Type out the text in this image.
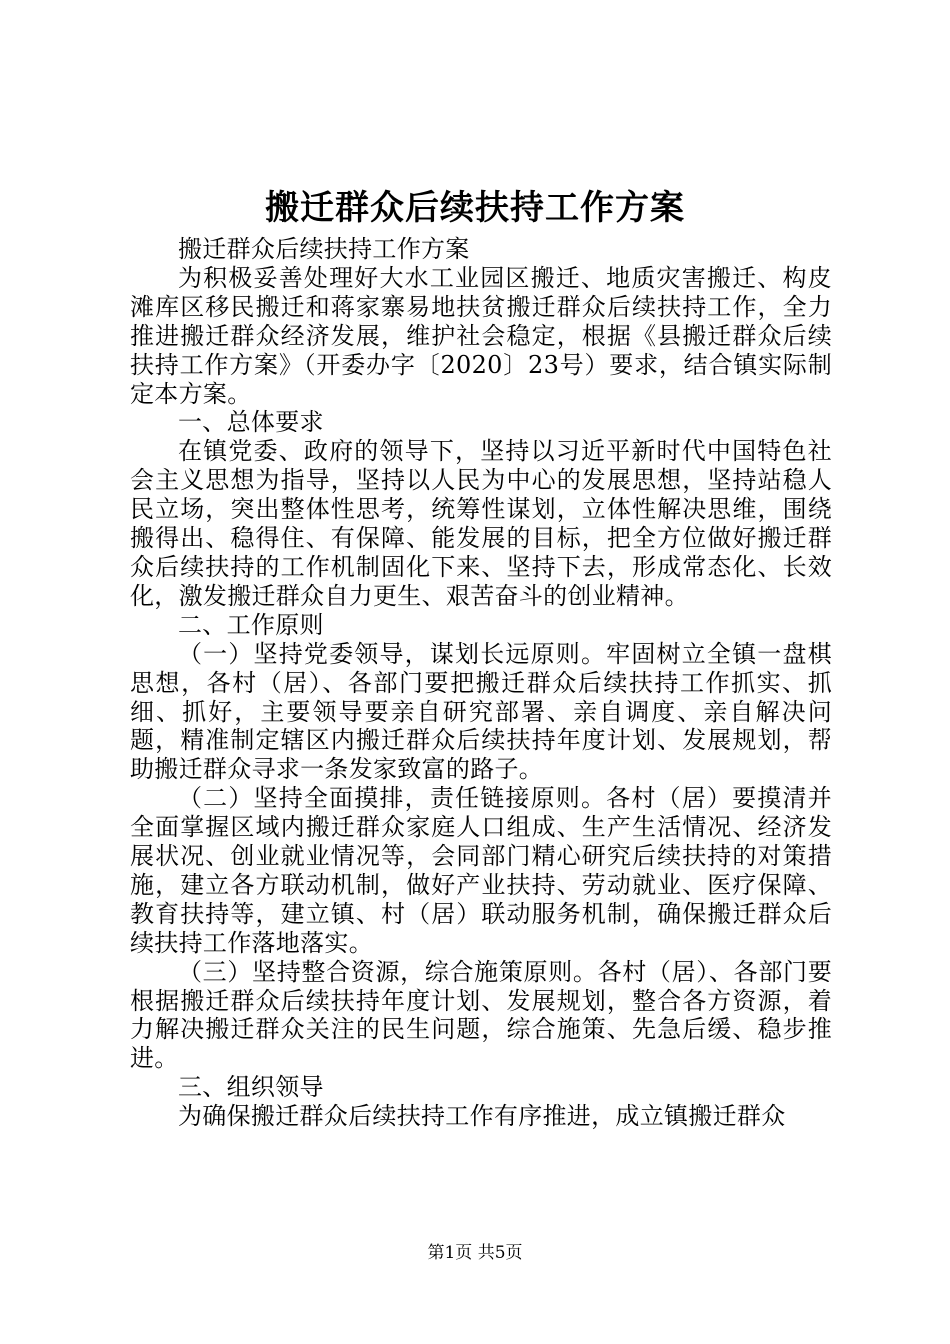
搬迁群众后续扶持工作方案

搬迁群众后续扶持工作方案

为积极妥善处理好大水工业园区搬迁、地质灾害搬迁、构皮滩库区移民搬迁和蒋家寨易地扶贫搬迁群众后续扶持工作，全力推进搬迁群众经济发展，维护社会稳定，根据《县搬迁群众后续扶持工作方案》（开委办字〔2020〕23号）要求，结合镇实际制定本方案。

一、总体要求

在镇党委、政府的领导下，坚持以习近平新时代中国特色社会主义思想为指导，坚持以人民为中心的发展思想，坚持站稳人民立场，突出整体性思考，统筹性谋划，立体性解决思维，围绕搬得出、稳得住、有保障、能发展的目标，把全方位做好搬迁群众后续扶持的工作机制固化下来、坚持下去，形成常态化、长效化，激发搬迁群众自力更生、艰苦奋斗的创业精神。

二、工作原则

（一）坚持党委领导，谋划长远原则。牢固树立全镇一盘棋思想，各村（居）、各部门要把搬迁群众后续扶持工作抓实、抓细、抓好，主要领导要亲自研究部署、亲自调度、亲自解决问题，精准制定辖区内搬迁群众后续扶持年度计划、发展规划，帮助搬迁群众寻求一条发家致富的路子。

（二）坚持全面摸排，责任链接原则。各村（居）要摸清并全面掌握区域内搬迁群众家庭人口组成、生产生活情况、经济发展状况、创业就业情况等，会同部门精心研究后续扶持的对策措施，建立各方联动机制，做好产业扶持、劳动就业、医疗保障、教育扶持等，建立镇、村（居）联动服务机制，确保搬迁群众后续扶持工作落地落实。

（三）坚持整合资源，综合施策原则。各村（居）、各部门要根据搬迁群众后续扶持年度计划、发展规划，整合各方资源，着力解决搬迁群众关注的民生问题，综合施策、先急后缓、稳步推进。

三、组织领导

为确保搬迁群众后续扶持工作有序推进，成立镇搬迁群众

第1页 共5页
